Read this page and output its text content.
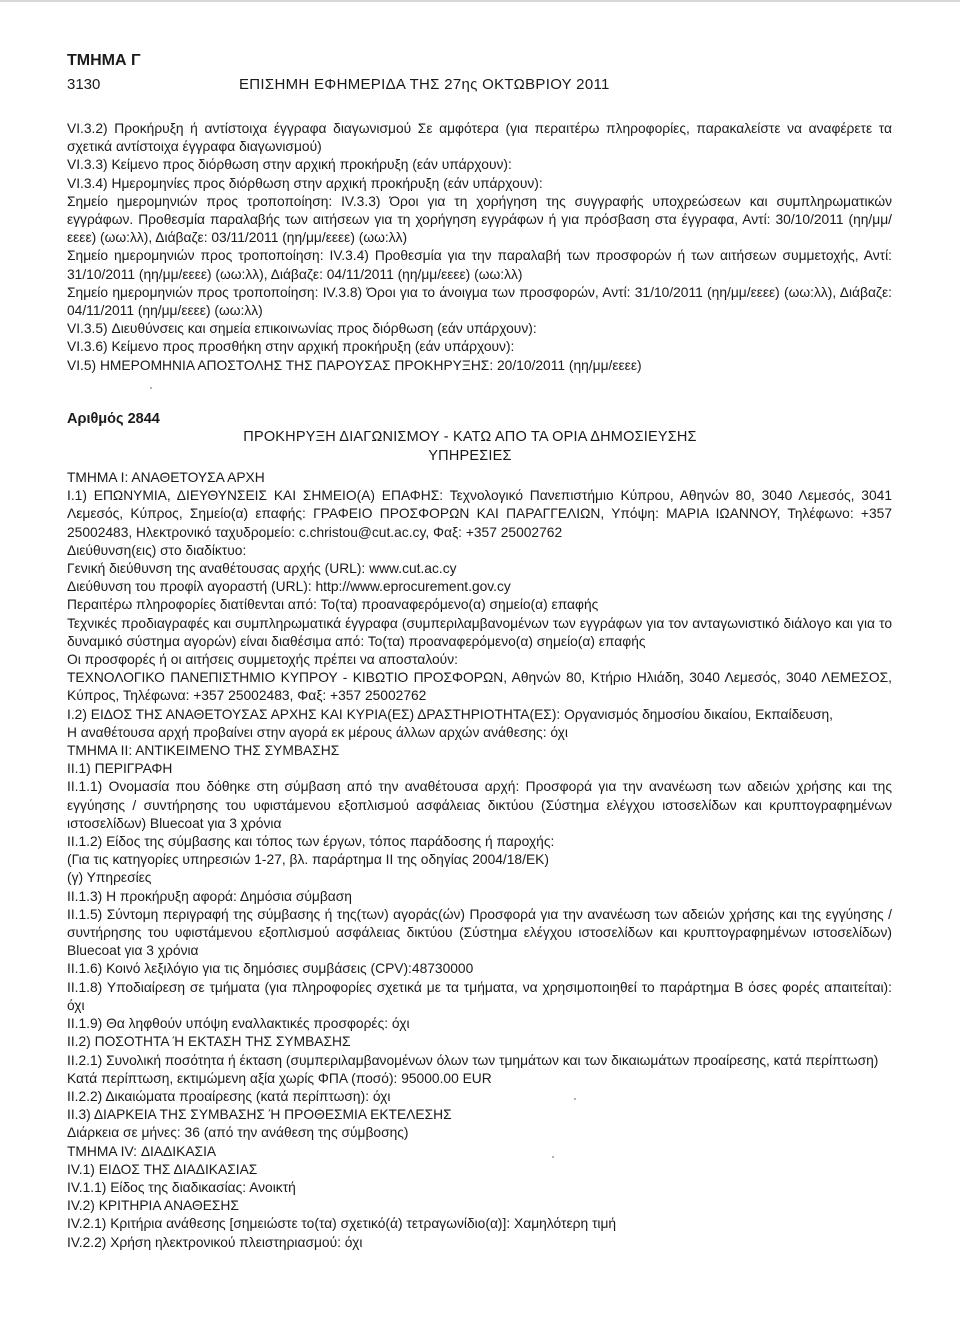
ΤΜΗΜΑ Γ
3130	ΕΠΙΣΗΜΗ ΕΦΗΜΕΡΙΔΑ ΤΗΣ 27ης ΟΚΤΩΒΡΙΟΥ 2011

VI.3.2) Προκήρυξη ή αντίστοιχα έγγραφα διαγωνισμού Σε αμφότερα (για περαιτέρω πληροφορίες, παρακαλείστε να αναφέρετε τα σχετικά αντίστοιχα έγγραφα διαγωνισμού)

VI.3.3) Κείμενο προς διόρθωση στην αρχική προκήρυξη (εάν υπάρχουν):

VI.3.4) Ημερομηνίες προς διόρθωση στην αρχική προκήρυξη (εάν υπάρχουν):

Σημείο ημερομηνιών προς τροποποίηση: IV.3.3) Όροι για τη χορήγηση της συγγραφής υποχρεώσεων και συμπληρωματικών εγγράφων. Προθεσμία παραλαβής των αιτήσεων για τη χορήγηση εγγράφων ή για πρόσβαση στα έγγραφα, Αντί: 30/10/2011 (ηη/μμ/εεεε) (ωω:λλ), Διάβαζε: 03/11/2011 (ηη/μμ/εεεε) (ωω:λλ)

Σημείο ημερομηνιών προς τροποποίηση: IV.3.4) Προθεσμία για την παραλαβή των προσφορών ή των αιτήσεων συμμετοχής, Αντί: 31/10/2011 (ηη/μμ/εεεε) (ωω:λλ), Διάβαζε: 04/11/2011 (ηη/μμ/εεεε) (ωω:λλ)

Σημείο ημερομηνιών προς τροποποίηση: IV.3.8) Όροι για το άνοιγμα των προσφορών, Αντί: 31/10/2011 (ηη/μμ/εεεε) (ωω:λλ), Διάβαζε: 04/11/2011 (ηη/μμ/εεεε) (ωω:λλ)

VI.3.5) Διευθύνσεις και σημεία επικοινωνίας προς διόρθωση (εάν υπάρχουν):

VI.3.6) Κείμενο προς προσθήκη στην αρχική προκήρυξη (εάν υπάρχουν):

VI.5) ΗΜΕΡΟΜΗΝΙΑ ΑΠΟΣΤΟΛΗΣ ΤΗΣ ΠΑΡΟΥΣΑΣ ΠΡΟΚΗΡΥΞΗΣ: 20/10/2011 (ηη/μμ/εεεε)

Αριθμός 2844
ΠΡΟΚΗΡΥΞΗ ΔΙΑΓΩΝΙΣΜΟΥ - ΚΑΤΩ ΑΠΟ ΤΑ ΟΡΙΑ ΔΗΜΟΣΙΕΥΣΗΣ
ΥΠΗΡΕΣΙΕΣ

ΤΜΗΜΑ Ι: ΑΝΑΘΕΤΟΥΣΑ ΑΡΧΗ

Ι.1) ΕΠΩΝΥΜΙΑ, ΔΙΕΥΘΥΝΣΕΙΣ ΚΑΙ ΣΗΜΕΙΟ(Α) ΕΠΑΦΗΣ: Τεχνολογικό Πανεπιστήμιο Κύπρου, Αθηνών 80, 3040 Λεμεσός, 3041 Λεμεσός, Κύπρος, Σημείο(α) επαφής: ΓΡΑΦΕΙΟ ΠΡΟΣΦΟΡΩΝ ΚΑΙ ΠΑΡΑΓΓΕΛΙΩΝ, Υπόψη: ΜΑΡΙΑ ΙΩΑΝΝΟΥ, Τηλέφωνο: +357 25002483, Ηλεκτρονικό ταχυδρομείο: c.christou@cut.ac.cy, Φαξ: +357 25002762

Διεύθυνση(εις) στο διαδίκτυο:

Γενική διεύθυνση της αναθέτουσας αρχής (URL): www.cut.ac.cy

Διεύθυνση του προφίλ αγοραστή (URL): http://www.eprocurement.gov.cy

Περαιτέρω πληροφορίες διατίθενται από: Το(τα) προαναφερόμενο(α) σημείο(α) επαφής

Τεχνικές προδιαγραφές και συμπληρωματικά έγγραφα (συμπεριλαμβανομένων των εγγράφων για τον ανταγωνιστικό διάλογο και για το δυναμικό σύστημα αγορών) είναι διαθέσιμα από: Το(τα) προαναφερόμενο(α) σημείο(α) επαφής

Οι προσφορές ή οι αιτήσεις συμμετοχής πρέπει να αποσταλούν:

ΤΕΧΝΟΛΟΓΙΚΟ ΠΑΝΕΠΙΣΤΗΜΙΟ ΚΥΠΡΟΥ - ΚΙΒΩΤΙΟ ΠΡΟΣΦΟΡΩΝ, Αθηνών 80, Κτήριο Ηλιάδη, 3040 Λεμεσός, 3040 ΛΕΜΕΣΟΣ, Κύπρος, Τηλέφωνα: +357 25002483, Φαξ: +357 25002762

Ι.2) ΕΙΔΟΣ ΤΗΣ ΑΝΑΘΕΤΟΥΣΑΣ ΑΡΧΗΣ ΚΑΙ ΚΥΡΙΑ(ΕΣ) ΔΡΑΣΤΗΡΙΟΤΗΤΑ(ΕΣ): Οργανισμός δημοσίου δικαίου, Εκπαίδευση,

Η αναθέτουσα αρχή προβαίνει στην αγορά εκ μέρους άλλων αρχών ανάθεσης: όχι

ΤΜΗΜΑ ΙΙ: ΑΝΤΙΚΕΙΜΕΝΟ ΤΗΣ ΣΥΜΒΑΣΗΣ

ΙΙ.1) ΠΕΡΙΓΡΑΦΗ

ΙΙ.1.1) Ονομασία που δόθηκε στη σύμβαση από την αναθέτουσα αρχή: Προσφορά για την ανανέωση των αδειών χρήσης και της εγγύησης / συντήρησης του υφιστάμενου εξοπλισμού ασφάλειας δικτύου (Σύστημα ελέγχου ιστοσελίδων και κρυπτογραφημένων ιστοσελίδων) Bluecoat για 3 χρόνια

ΙΙ.1.2) Είδος της σύμβασης και τόπος των έργων, τόπος παράδοσης ή παροχής:

(Για τις κατηγορίες υπηρεσιών 1-27, βλ. παράρτημα ΙΙ της οδηγίας 2004/18/ΕΚ)

(γ) Υπηρεσίες

ΙΙ.1.3) Η προκήρυξη αφορά: Δημόσια σύμβαση

ΙΙ.1.5) Σύντομη περιγραφή της σύμβασης ή της(των) αγοράς(ών) Προσφορά για την ανανέωση των αδειών χρήσης και της εγγύησης / συντήρησης του υφιστάμενου εξοπλισμού ασφάλειας δικτύου (Σύστημα ελέγχου ιστοσελίδων και κρυπτογραφημένων ιστοσελίδων) Bluecoat για 3 χρόνια

ΙΙ.1.6) Κοινό λεξιλόγιο για τις δημόσιες συμβάσεις (CPV):48730000

ΙΙ.1.8) Υποδιαίρεση σε τμήματα (για πληροφορίες σχετικά με τα τμήματα, να χρησιμοποιηθεί το παράρτημα Β όσες φορές απαιτείται): όχι

ΙΙ.1.9) Θα ληφθούν υπόψη εναλλακτικές προσφορές: όχι

ΙΙ.2) ΠΟΣΟΤΗΤΑ Ή ΕΚΤΑΣΗ ΤΗΣ ΣΥΜΒΑΣΗΣ

ΙΙ.2.1) Συνολική ποσότητα ή έκταση (συμπεριλαμβανομένων όλων των τμημάτων και των δικαιωμάτων προαίρεσης, κατά περίπτωση)

Κατά περίπτωση, εκτιμώμενη αξία χωρίς ΦΠΑ (ποσό): 95000.00 EUR

ΙΙ.2.2) Δικαιώματα προαίρεσης (κατά περίπτωση): όχι

ΙΙ.3) ΔΙΑΡΚΕΙΑ ΤΗΣ ΣΥΜΒΑΣΗΣ Ή ΠΡΟΘΕΣΜΙΑ ΕΚΤΕΛΕΣΗΣ

Διάρκεια σε μήνες: 36 (από την ανάθεση της σύμβοσης)

ΤΜΗΜΑ ΙV: ΔΙΑΔΙΚΑΣΙΑ

IV.1) ΕΙΔΟΣ ΤΗΣ ΔΙΑΔΙΚΑΣΙΑΣ

IV.1.1) Είδος της διαδικασίας: Ανοικτή

IV.2) ΚΡΙΤΗΡΙΑ ΑΝΑΘΕΣΗΣ

IV.2.1) Κριτήρια ανάθεσης [σημειώστε το(τα) σχετικό(ά) τετραγωνίδιο(α)]: Χαμηλότερη τιμή

IV.2.2) Χρήση ηλεκτρονικού πλειστηριασμού: όχι
